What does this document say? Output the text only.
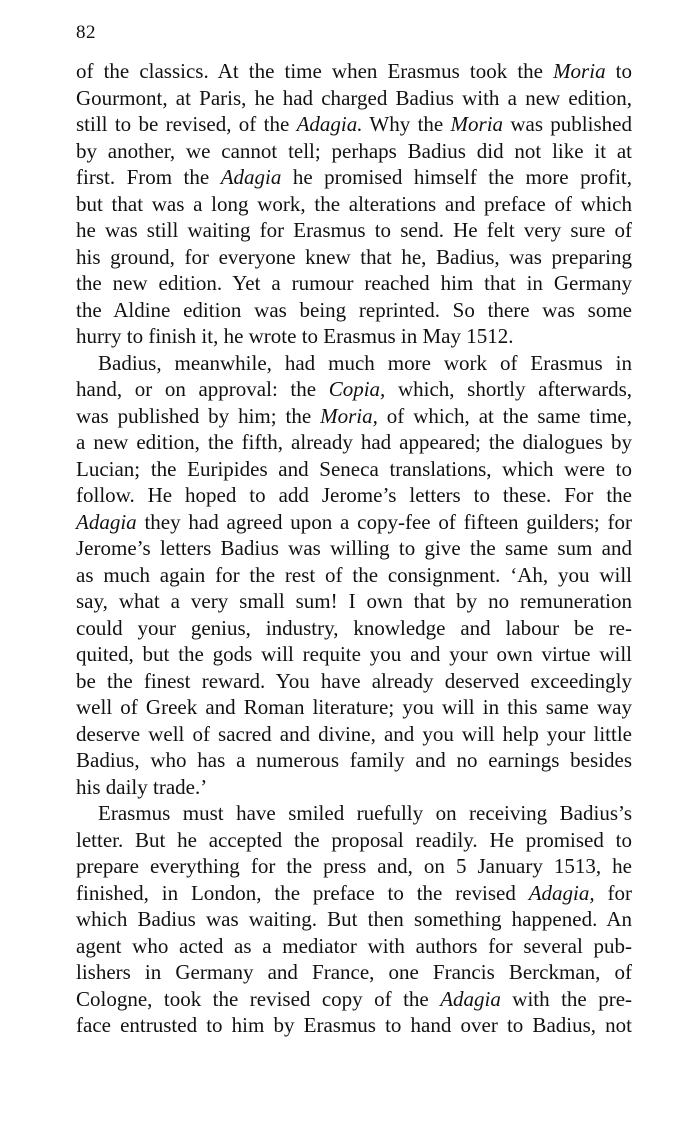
82
of the classics. At the time when Erasmus took the Moria to
Gourmont, at Paris, he had charged Badius with a new edition,
still to be revised, of the Adagia. Why the Moria was published
by another, we cannot tell; perhaps Badius did not like it at
first. From the Adagia he promised himself the more profit,
but that was a long work, the alterations and preface of which
he was still waiting for Erasmus to send. He felt very sure of
his ground, for everyone knew that he, Badius, was preparing
the new edition. Yet a rumour reached him that in Germany
the Aldine edition was being reprinted. So there was some
hurry to finish it, he wrote to Erasmus in May 1512.
Badius, meanwhile, had much more work of Erasmus in
hand, or on approval: the Copia, which, shortly afterwards,
was published by him; the Moria, of which, at the same time,
a new edition, the fifth, already had appeared; the dialogues by
Lucian; the Euripides and Seneca translations, which were to
follow. He hoped to add Jerome’s letters to these. For the
Adagia they had agreed upon a copy-fee of fifteen guilders; for
Jerome’s letters Badius was willing to give the same sum and
as much again for the rest of the consignment. ‘Ah, you will
say, what a very small sum! I own that by no remuneration
could your genius, industry, knowledge and labour be re-
quited, but the gods will requite you and your own virtue will
be the finest reward. You have already deserved exceedingly
well of Greek and Roman literature; you will in this same way
deserve well of sacred and divine, and you will help your little
Badius, who has a numerous family and no earnings besides
his daily trade.’
Erasmus must have smiled ruefully on receiving Badius’s
letter. But he accepted the proposal readily. He promised to
prepare everything for the press and, on 5 January 1513, he
finished, in London, the preface to the revised Adagia, for
which Badius was waiting. But then something happened. An
agent who acted as a mediator with authors for several pub-
lishers in Germany and France, one Francis Berckman, of
Cologne, took the revised copy of the Adagia with the pre-
face entrusted to him by Erasmus to hand over to Badius, not
